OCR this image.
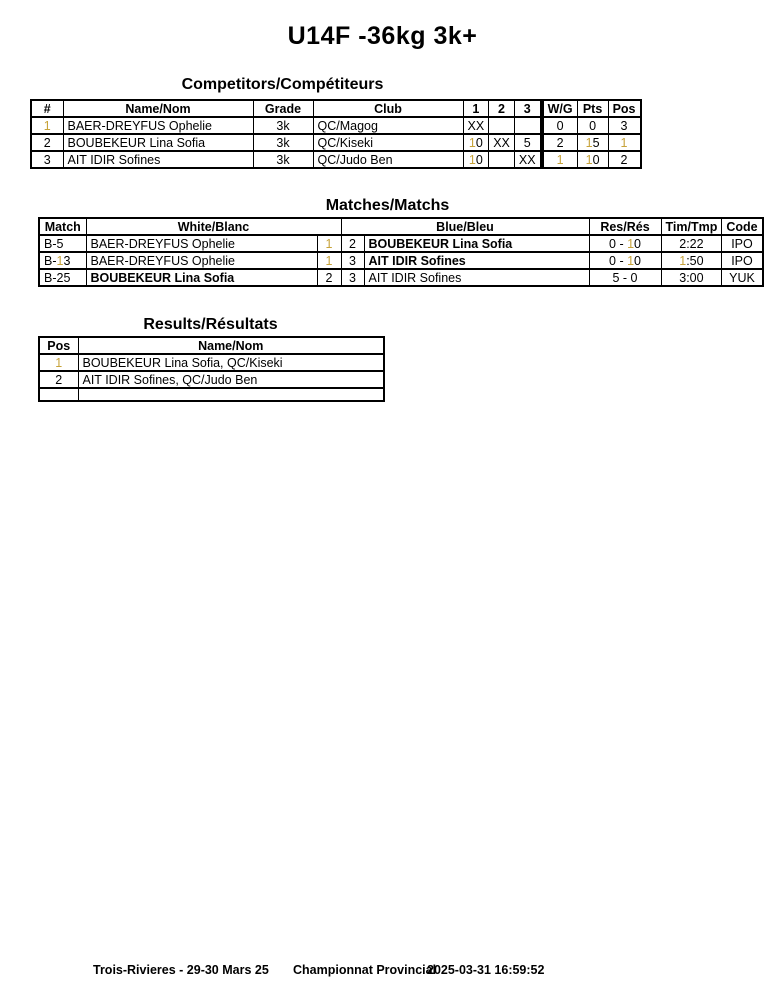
U14F -36kg 3k+
Competitors/Compétiteurs
#	Name/Nom	Grade	Club	1	2	3	W/G	Pts	Pos
1	BAER-DREYFUS Ophelie	3k	QC/Magog	XX			0	0	3
2	BOUBEKEUR Lina Sofia	3k	QC/Kiseki	10	XX	5	2	15	1
3	AIT IDIR Sofines	3k	QC/Judo Ben	10		XX	1	10	2
Matches/Matchs
Match	White/Blanc		Blue/Bleu		Res/Rés	Tim/Tmp	Code
B-5	BAER-DREYFUS Ophelie	1	2	BOUBEKEUR Lina Sofia	0 - 10	2:22	IPO
B-13	BAER-DREYFUS Ophelie	1	3	AIT IDIR Sofines	0 - 10	1:50	IPO
B-25	BOUBEKEUR Lina Sofia	2	3	AIT IDIR Sofines	5 - 0	3:00	YUK
Results/Résultats
Pos	Name/Nom
1	BOUBEKEUR Lina Sofia, QC/Kiseki
2	AIT IDIR Sofines, QC/Judo Ben

Trois-Rivieres - 29-30 Mars 25 Championnat Provincial
2025-03-31 16:59:52
